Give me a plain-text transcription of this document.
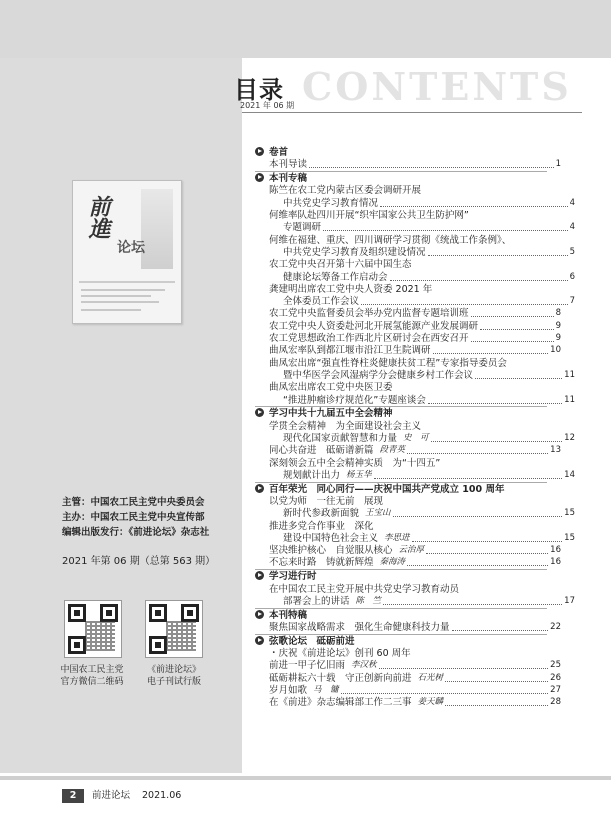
CONTENTS
目录
2021 年 06 期
前進
论坛
主管：中国农工民主党中央委员会
主办：中国农工民主党中央宣传部
编辑出版发行：《前进论坛》杂志社
2021 年第 06 期（总第 563 期）
中国农工民主党
官方微信二维码
《前进论坛》
电子刊试行版
卷首
本刊导读	1
本刊专稿
陈竺在农工党内蒙古区委会调研开展
中共党史学习教育情况	4
何维率队赴四川开展“织牢国家公共卫生防护网”
专题调研	4
何维在福建、重庆、四川调研学习贯彻《统战工作条例》、
中共党史学习教育及组织建设情况	5
农工党中央召开第十六届中国生态
健康论坛筹备工作启动会	6
龚建明出席农工党中央人资委 2021 年
全体委员工作会议	7
农工党中央监督委员会举办党内监督专题培训班	8
农工党中央人资委赴河北开展氢能源产业发展调研	9
农工党思想政治工作西北片区研讨会在西安召开	9
曲凤宏率队到都江堰市沿江卫生院调研	10
曲凤宏出席“强直性脊柱炎健康扶贫工程”专家指导委员会
暨中华医学会风湿病学分会健康乡村工作会议	11
曲凤宏出席农工党中央医卫委
“推进肿瘤诊疗规范化”专题座谈会	11
学习中共十九届五中全会精神
学贯全会精神　为全面建设社会主义
现代化国家贡献智慧和力量 史　可	12
同心共奋进　砥砺谱新篇 段青英	13
深刻领会五中全会精神实质　为“十四五”
规划献计出力 杨玉华	14
百年荣光　同心同行——庆祝中国共产党成立 100 周年
以党为师　一往无前　展现
新时代参政新面貌 王宝山	15
推进多党合作事业　深化
建设中国特色社会主义 李思进	15
坚决维护核心　自觉服从核心 云治厚	16
不忘来时路　铸就新辉煌 秦海涛	16
学习进行时
在中国农工民主党开展中共党史学习教育动员
部署会上的讲话 陈　竺	17
本刊特稿
聚焦国家战略需求　强化生命健康科技力量	22
弦歌论坛　砥砺前进
・庆祝《前进论坛》创刊 60 周年
前进一甲子忆旧雨 李汉秋	25
砥砺耕耘六十载　守正创新向前进 石光树	26
岁月如歌 马　镛	27
在《前进》杂志编辑部工作二三事 姜天麟	28
2	前进论坛 2021.06
